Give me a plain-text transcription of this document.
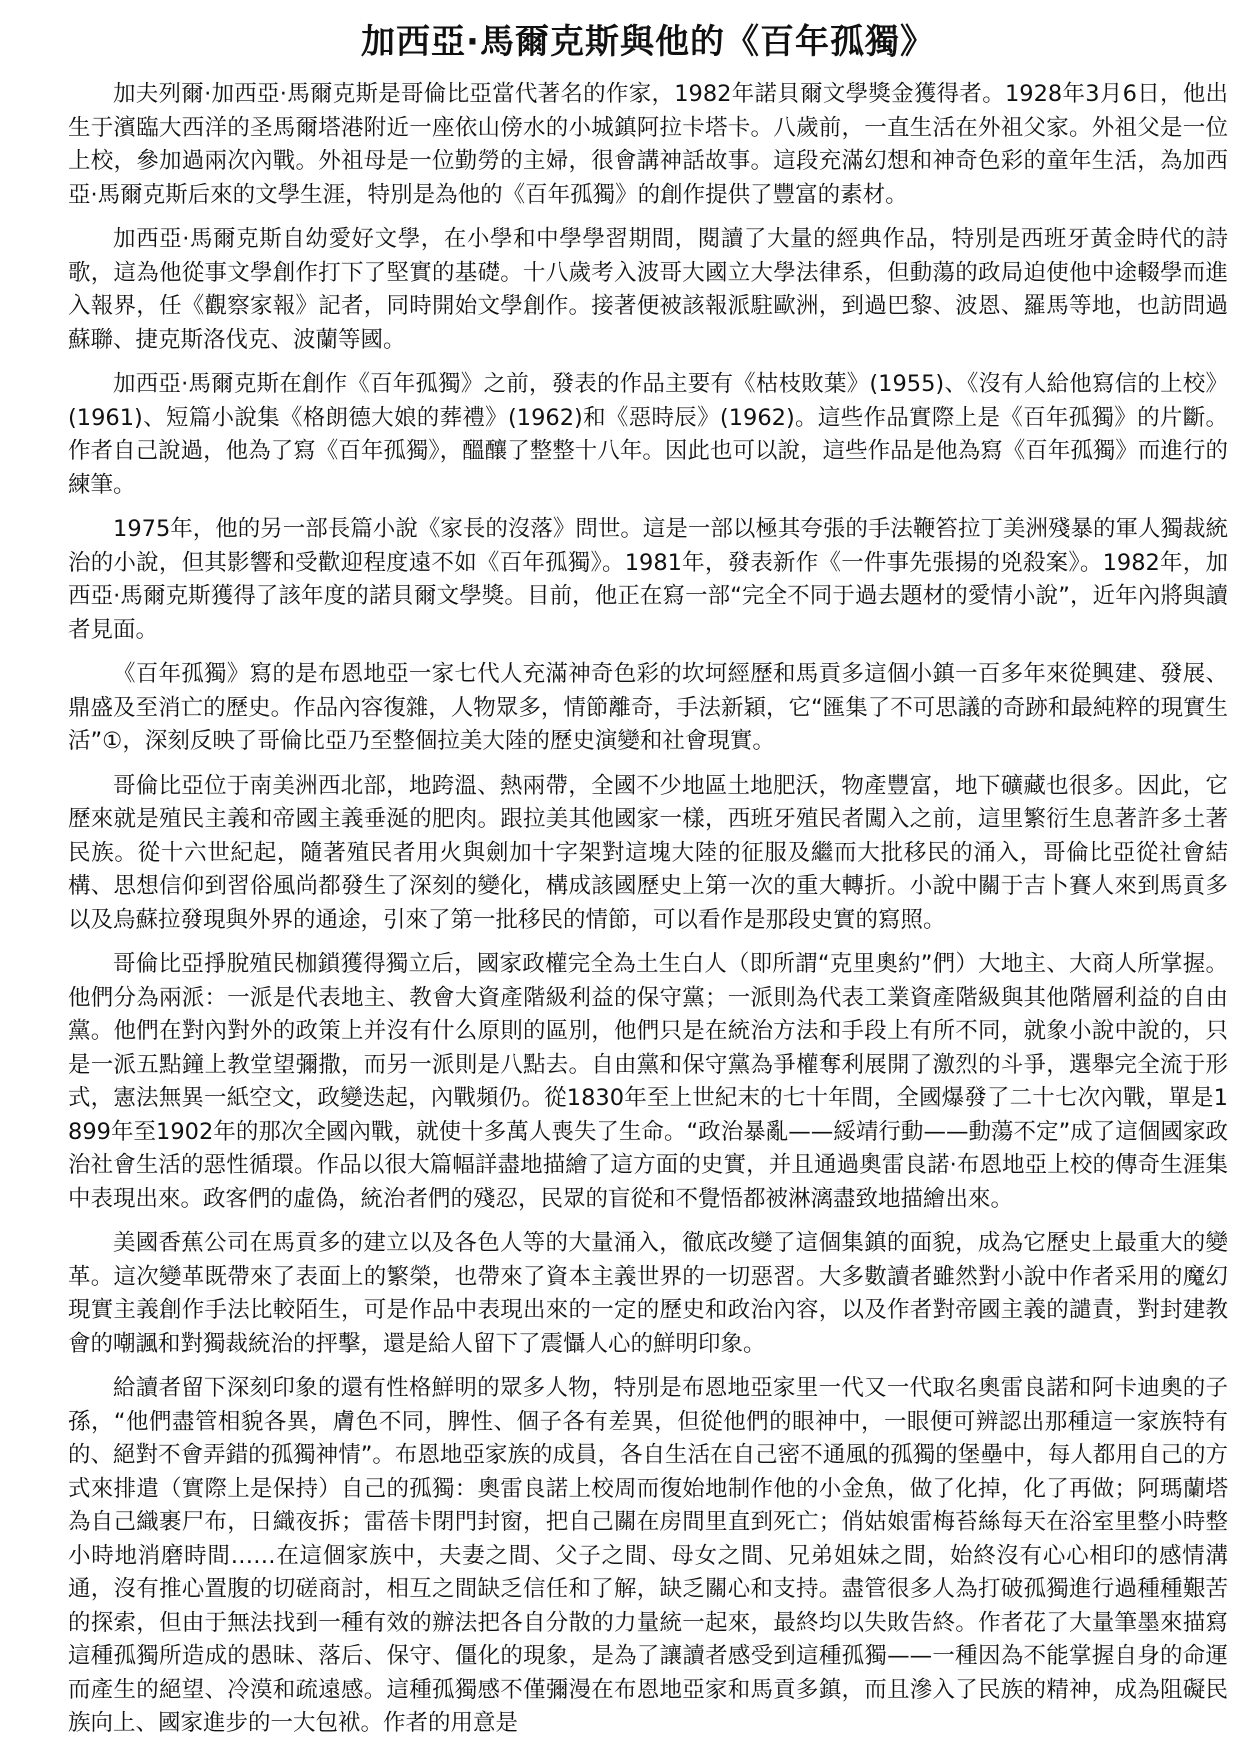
加西亞·馬爾克斯與他的《百年孤獨》

加夫列爾·加西亞·馬爾克斯是哥倫比亞當代著名的作家，1982年諾貝爾文學獎金獲得者。1928年3月6日，他出生于濱臨大西洋的圣馬爾塔港附近一座依山傍水的小城鎮阿拉卡塔卡。八歲前，一直生活在外祖父家。外祖父是一位上校，參加過兩次內戰。外祖母是一位勤勞的主婦，很會講神話故事。這段充滿幻想和神奇色彩的童年生活，為加西亞·馬爾克斯后來的文學生涯，特別是為他的《百年孤獨》的創作提供了豐富的素材。

加西亞·馬爾克斯自幼愛好文學，在小學和中學學習期間，閱讀了大量的經典作品，特別是西班牙黃金時代的詩歌，這為他從事文學創作打下了堅實的基礎。十八歲考入波哥大國立大學法律系，但動蕩的政局迫使他中途輟學而進入報界，任《觀察家報》記者，同時開始文學創作。接著便被該報派駐歐洲，到過巴黎、波恩、羅馬等地，也訪問過蘇聯、捷克斯洛伐克、波蘭等國。

加西亞·馬爾克斯在創作《百年孤獨》之前，發表的作品主要有《枯枝敗葉》(1955)、《沒有人給他寫信的上校》(1961)、短篇小說集《格朗德大娘的葬禮》(1962)和《惡時辰》(1962)。這些作品實際上是《百年孤獨》的片斷。作者自己說過，他為了寫《百年孤獨》，醞釀了整整十八年。因此也可以說，這些作品是他為寫《百年孤獨》而進行的練筆。

1975年，他的另一部長篇小說《家長的沒落》問世。這是一部以極其夸張的手法鞭笞拉丁美洲殘暴的軍人獨裁統治的小說，但其影響和受歡迎程度遠不如《百年孤獨》。1981年，發表新作《一件事先張揚的兇殺案》。1982年，加西亞·馬爾克斯獲得了該年度的諾貝爾文學獎。目前，他正在寫一部“完全不同于過去題材的愛情小說”，近年內將與讀者見面。

《百年孤獨》寫的是布恩地亞一家七代人充滿神奇色彩的坎坷經歷和馬貢多這個小鎮一百多年來從興建、發展、鼎盛及至消亡的歷史。作品內容復雜，人物眾多，情節離奇，手法新穎，它“匯集了不可思議的奇跡和最純粹的現實生活”①，深刻反映了哥倫比亞乃至整個拉美大陸的歷史演變和社會現實。

哥倫比亞位于南美洲西北部，地跨溫、熱兩帶，全國不少地區土地肥沃，物產豐富，地下礦藏也很多。因此，它歷來就是殖民主義和帝國主義垂涎的肥肉。跟拉美其他國家一樣，西班牙殖民者闖入之前，這里繁衍生息著許多土著民族。從十六世紀起，隨著殖民者用火與劍加十字架對這塊大陸的征服及繼而大批移民的涌入，哥倫比亞從社會結構、思想信仰到習俗風尚都發生了深刻的變化，構成該國歷史上第一次的重大轉折。小說中關于吉卜賽人來到馬貢多以及烏蘇拉發現與外界的通途，引來了第一批移民的情節，可以看作是那段史實的寫照。

哥倫比亞掙脫殖民枷鎖獲得獨立后，國家政權完全為土生白人（即所謂“克里奧約”們）大地主、大商人所掌握。他們分為兩派：一派是代表地主、教會大資產階級利益的保守黨；一派則為代表工業資產階級與其他階層利益的自由黨。他們在對內對外的政策上并沒有什么原則的區別，他們只是在統治方法和手段上有所不同，就象小說中說的，只是一派五點鐘上教堂望彌撒，而另一派則是八點去。自由黨和保守黨為爭權奪利展開了激烈的斗爭，選舉完全流于形式，憲法無異一紙空文，政變迭起，內戰頻仍。從1830年至上世紀末的七十年間，全國爆發了二十七次內戰，單是1899年至1902年的那次全國內戰，就使十多萬人喪失了生命。“政治暴亂——綏靖行動——動蕩不定”成了這個國家政治社會生活的惡性循環。作品以很大篇幅詳盡地描繪了這方面的史實，并且通過奧雷良諾·布恩地亞上校的傳奇生涯集中表現出來。政客們的虛偽，統治者們的殘忍，民眾的盲從和不覺悟都被淋漓盡致地描繪出來。

美國香蕉公司在馬貢多的建立以及各色人等的大量涌入，徹底改變了這個集鎮的面貌，成為它歷史上最重大的變革。這次變革既帶來了表面上的繁榮，也帶來了資本主義世界的一切惡習。大多數讀者雖然對小說中作者采用的魔幻現實主義創作手法比較陌生，可是作品中表現出來的一定的歷史和政治內容，以及作者對帝國主義的譴責，對封建教會的嘲諷和對獨裁統治的抨擊，還是給人留下了震懾人心的鮮明印象。

給讀者留下深刻印象的還有性格鮮明的眾多人物，特別是布恩地亞家里一代又一代取名奧雷良諾和阿卡迪奧的子孫，“他們盡管相貌各異，膚色不同，脾性、個子各有差異，但從他們的眼神中，一眼便可辨認出那種這一家族特有的、絕對不會弄錯的孤獨神情”。布恩地亞家族的成員，各自生活在自己密不通風的孤獨的堡壘中，每人都用自己的方式來排遣（實際上是保持）自己的孤獨：奧雷良諾上校周而復始地制作他的小金魚，做了化掉，化了再做；阿瑪蘭塔為自己織裹尸布，日織夜拆；雷蓓卡閉門封窗，把自己關在房間里直到死亡；俏姑娘雷梅苔絲每天在浴室里整小時整小時地消磨時間……在這個家族中，夫妻之間、父子之間、母女之間、兄弟姐妹之間，始終沒有心心相印的感情溝通，沒有推心置腹的切磋商討，相互之間缺乏信任和了解，缺乏關心和支持。盡管很多人為打破孤獨進行過種種艱苦的探索，但由于無法找到一種有效的辦法把各自分散的力量統一起來，最終均以失敗告終。作者花了大量筆墨來描寫這種孤獨所造成的愚昧、落后、保守、僵化的現象，是為了讓讀者感受到這種孤獨——一種因為不能掌握自身的命運而產生的絕望、冷漠和疏遠感。這種孤獨感不僅彌漫在布恩地亞家和馬貢多鎮，而且滲入了民族的精神，成為阻礙民族向上、國家進步的一大包袱。作者的用意是
